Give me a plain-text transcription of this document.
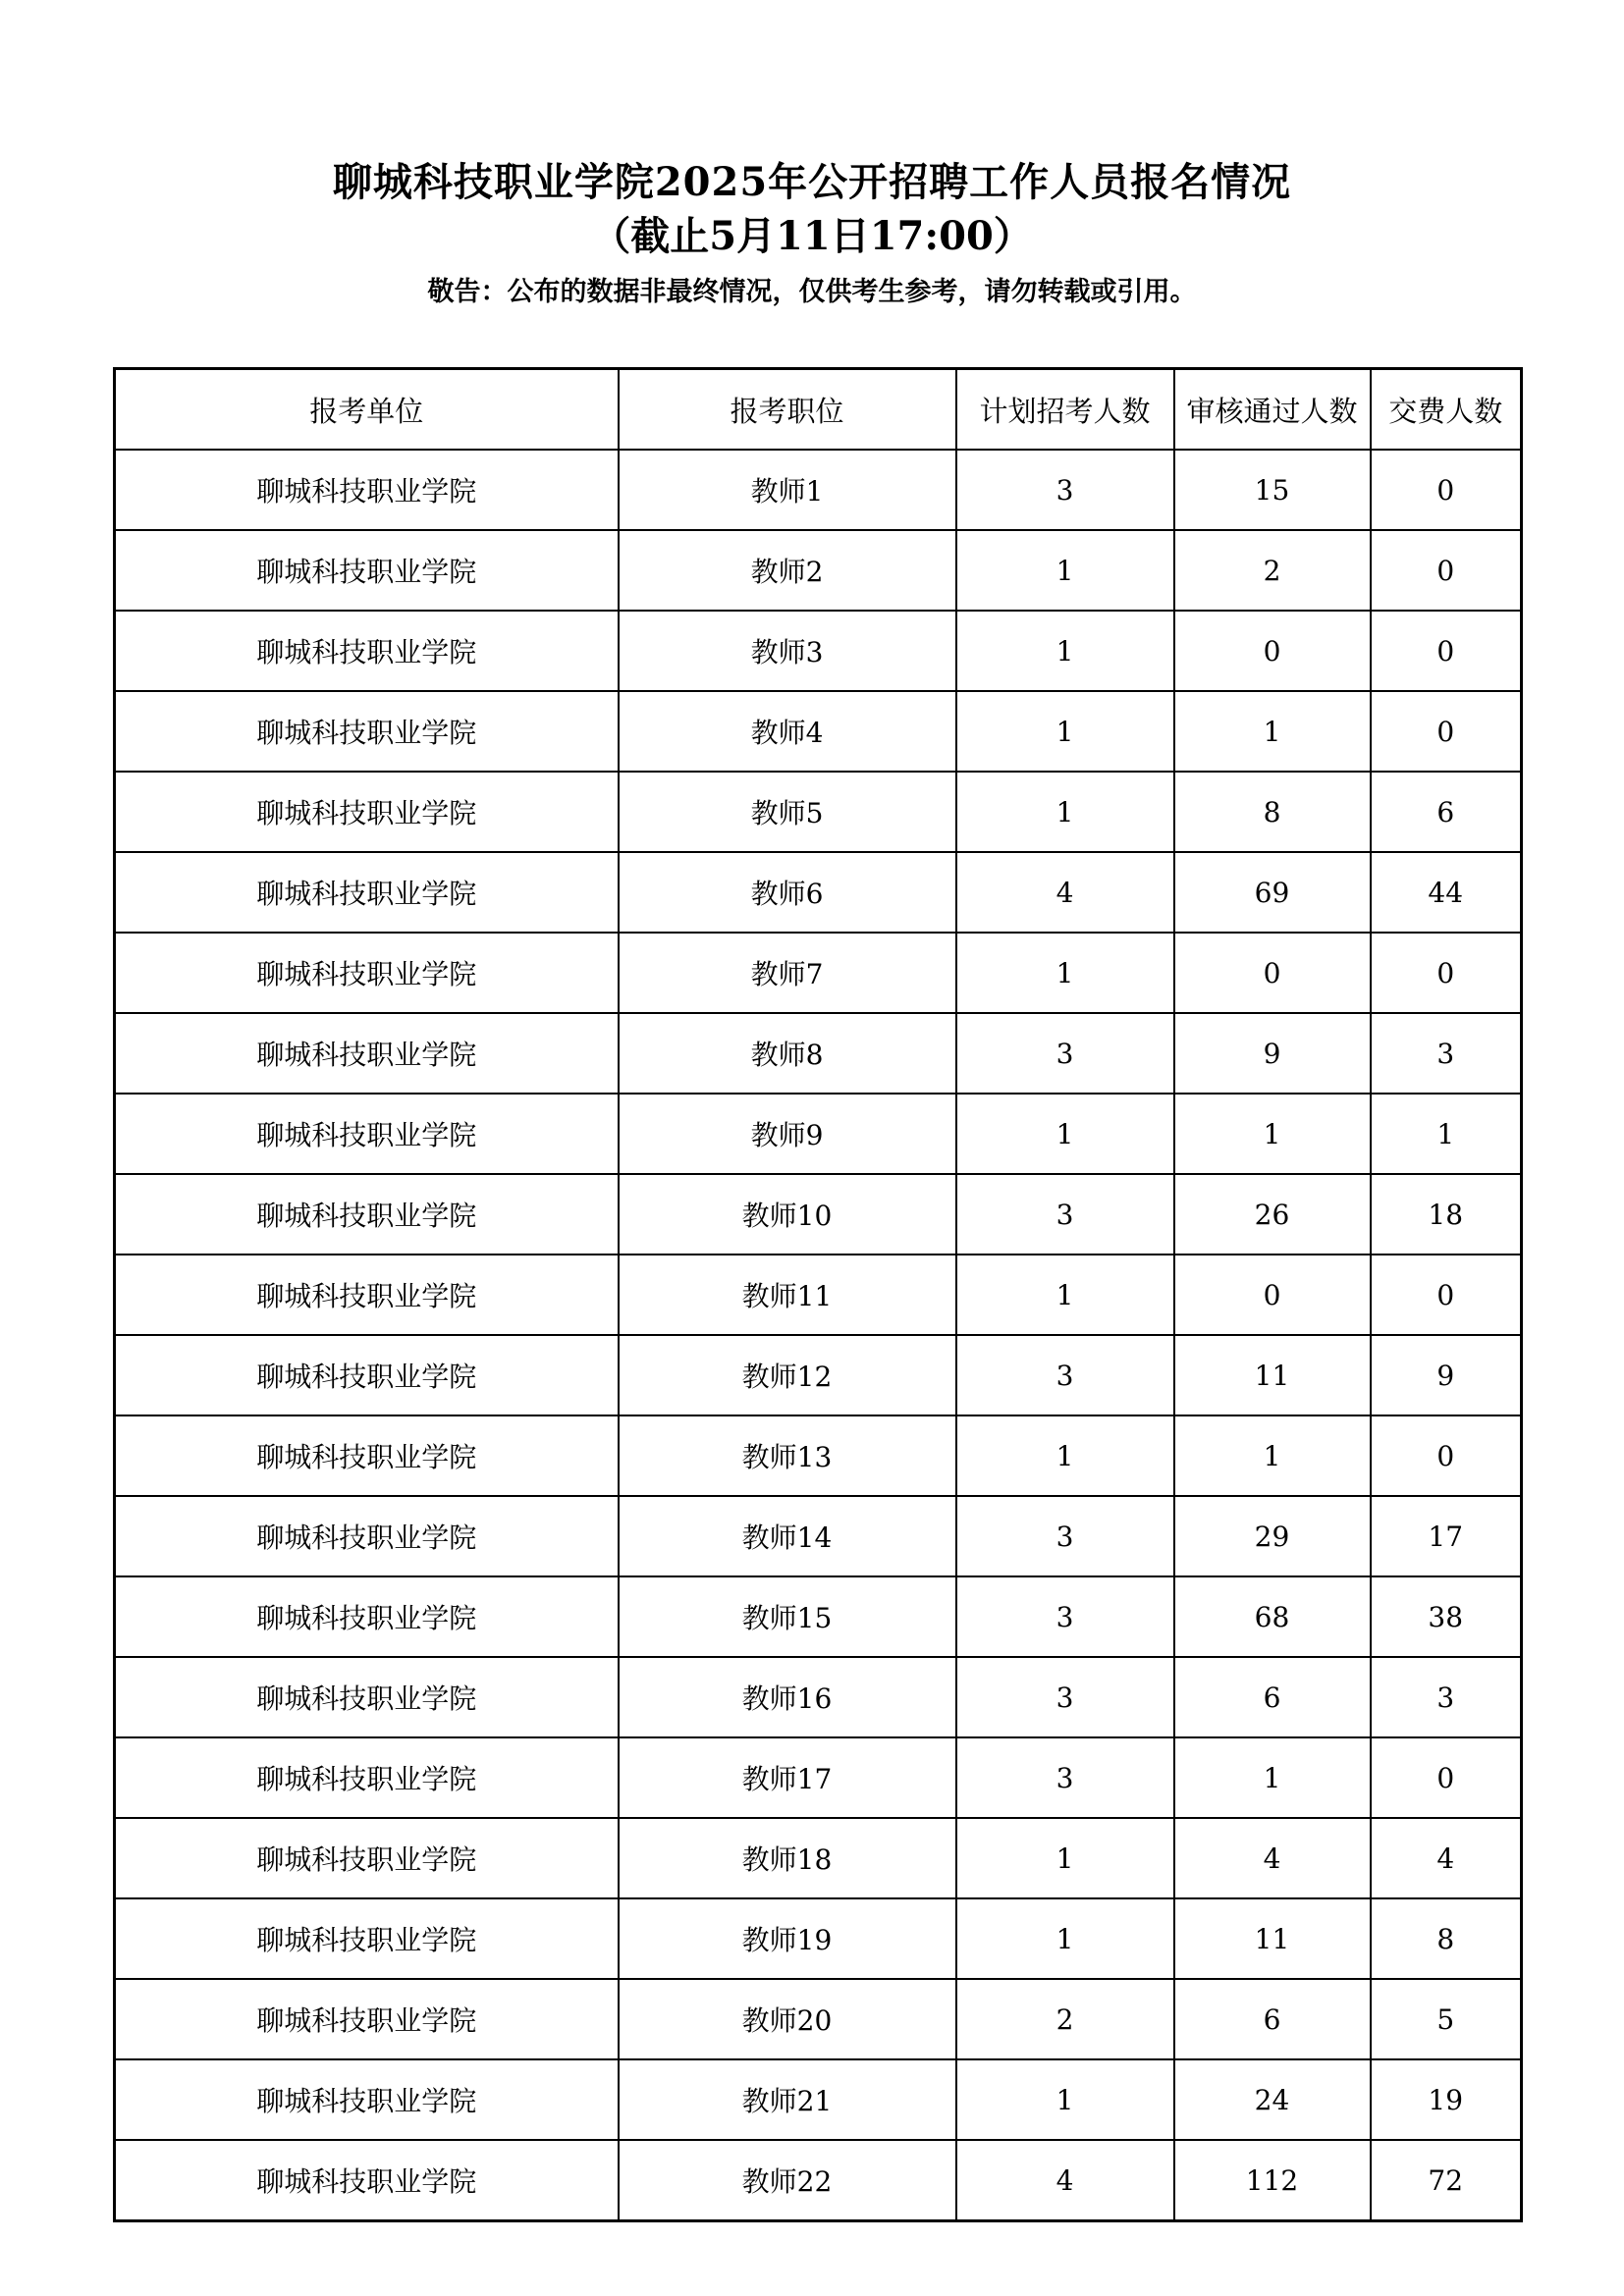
聊城科技职业学院2025年公开招聘工作人员报名情况
（截止5月11日17:00）
敬告：公布的数据非最终情况，仅供考生参考，请勿转载或引用。
报考单位	报考职位	计划招考人数	审核通过人数	交费人数
聊城科技职业学院	教师1	3	15	0
聊城科技职业学院	教师2	1	2	0
聊城科技职业学院	教师3	1	0	0
聊城科技职业学院	教师4	1	1	0
聊城科技职业学院	教师5	1	8	6
聊城科技职业学院	教师6	4	69	44
聊城科技职业学院	教师7	1	0	0
聊城科技职业学院	教师8	3	9	3
聊城科技职业学院	教师9	1	1	1
聊城科技职业学院	教师10	3	26	18
聊城科技职业学院	教师11	1	0	0
聊城科技职业学院	教师12	3	11	9
聊城科技职业学院	教师13	1	1	0
聊城科技职业学院	教师14	3	29	17
聊城科技职业学院	教师15	3	68	38
聊城科技职业学院	教师16	3	6	3
聊城科技职业学院	教师17	3	1	0
聊城科技职业学院	教师18	1	4	4
聊城科技职业学院	教师19	1	11	8
聊城科技职业学院	教师20	2	6	5
聊城科技职业学院	教师21	1	24	19
聊城科技职业学院	教师22	4	112	72
